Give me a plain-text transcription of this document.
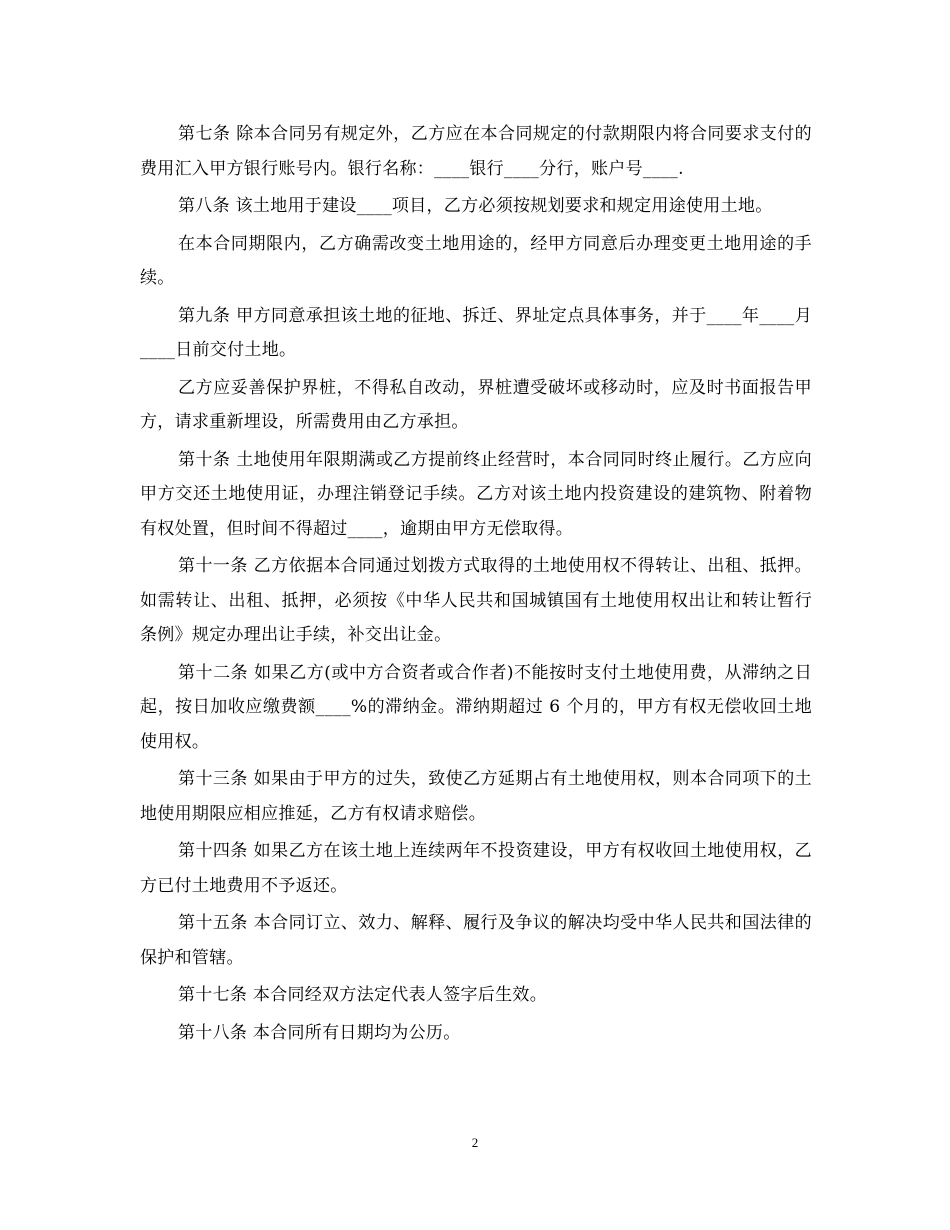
第七条 除本合同另有规定外，乙方应在本合同规定的付款期限内将合同要求支付的费用汇入甲方银行账号内。银行名称：____银行____分行，账户号____.

第八条 该土地用于建设____项目，乙方必须按规划要求和规定用途使用土地。

在本合同期限内，乙方确需改变土地用途的，经甲方同意后办理变更土地用途的手续。

第九条 甲方同意承担该土地的征地、拆迁、界址定点具体事务，并于____年____月____日前交付土地。

乙方应妥善保护界桩，不得私自改动，界桩遭受破坏或移动时，应及时书面报告甲方，请求重新埋设，所需费用由乙方承担。

第十条 土地使用年限期满或乙方提前终止经营时，本合同同时终止履行。乙方应向甲方交还土地使用证，办理注销登记手续。乙方对该土地内投资建设的建筑物、附着物有权处置，但时间不得超过____，逾期由甲方无偿取得。

第十一条 乙方依据本合同通过划拨方式取得的土地使用权不得转让、出租、抵押。如需转让、出租、抵押，必须按《中华人民共和国城镇国有土地使用权出让和转让暂行条例》规定办理出让手续，补交出让金。

第十二条 如果乙方(或中方合资者或合作者)不能按时支付土地使用费，从滞纳之日起，按日加收应缴费额____%的滞纳金。滞纳期超过 6 个月的，甲方有权无偿收回土地使用权。

第十三条 如果由于甲方的过失，致使乙方延期占有土地使用权，则本合同项下的土地使用期限应相应推延，乙方有权请求赔偿。

第十四条 如果乙方在该土地上连续两年不投资建设，甲方有权收回土地使用权，乙方已付土地费用不予返还。

第十五条 本合同订立、效力、解释、履行及争议的解决均受中华人民共和国法律的保护和管辖。

第十七条 本合同经双方法定代表人签字后生效。

第十八条 本合同所有日期均为公历。

2
